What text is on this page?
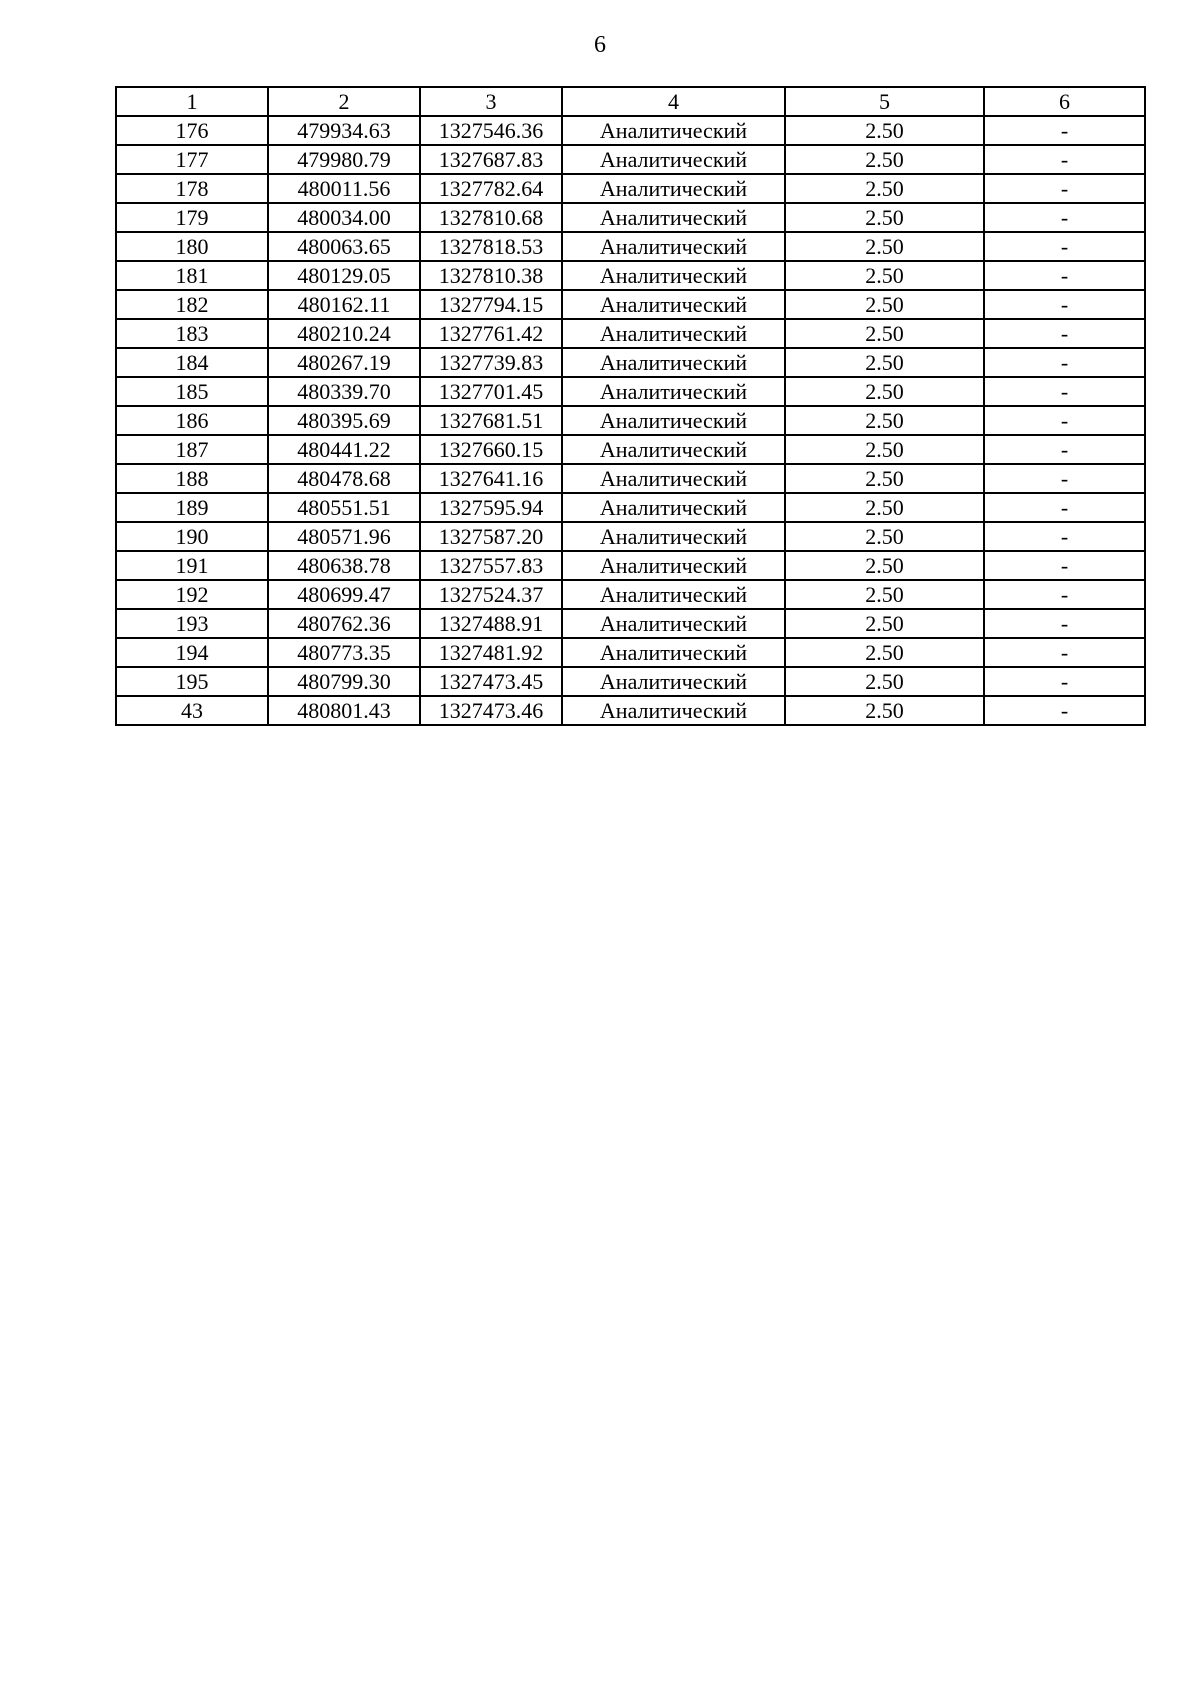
6
1	2	3	4	5	6
176	479934.63	1327546.36	Аналитический	2.50	-
177	479980.79	1327687.83	Аналитический	2.50	-
178	480011.56	1327782.64	Аналитический	2.50	-
179	480034.00	1327810.68	Аналитический	2.50	-
180	480063.65	1327818.53	Аналитический	2.50	-
181	480129.05	1327810.38	Аналитический	2.50	-
182	480162.11	1327794.15	Аналитический	2.50	-
183	480210.24	1327761.42	Аналитический	2.50	-
184	480267.19	1327739.83	Аналитический	2.50	-
185	480339.70	1327701.45	Аналитический	2.50	-
186	480395.69	1327681.51	Аналитический	2.50	-
187	480441.22	1327660.15	Аналитический	2.50	-
188	480478.68	1327641.16	Аналитический	2.50	-
189	480551.51	1327595.94	Аналитический	2.50	-
190	480571.96	1327587.20	Аналитический	2.50	-
191	480638.78	1327557.83	Аналитический	2.50	-
192	480699.47	1327524.37	Аналитический	2.50	-
193	480762.36	1327488.91	Аналитический	2.50	-
194	480773.35	1327481.92	Аналитический	2.50	-
195	480799.30	1327473.45	Аналитический	2.50	-
43	480801.43	1327473.46	Аналитический	2.50	-
